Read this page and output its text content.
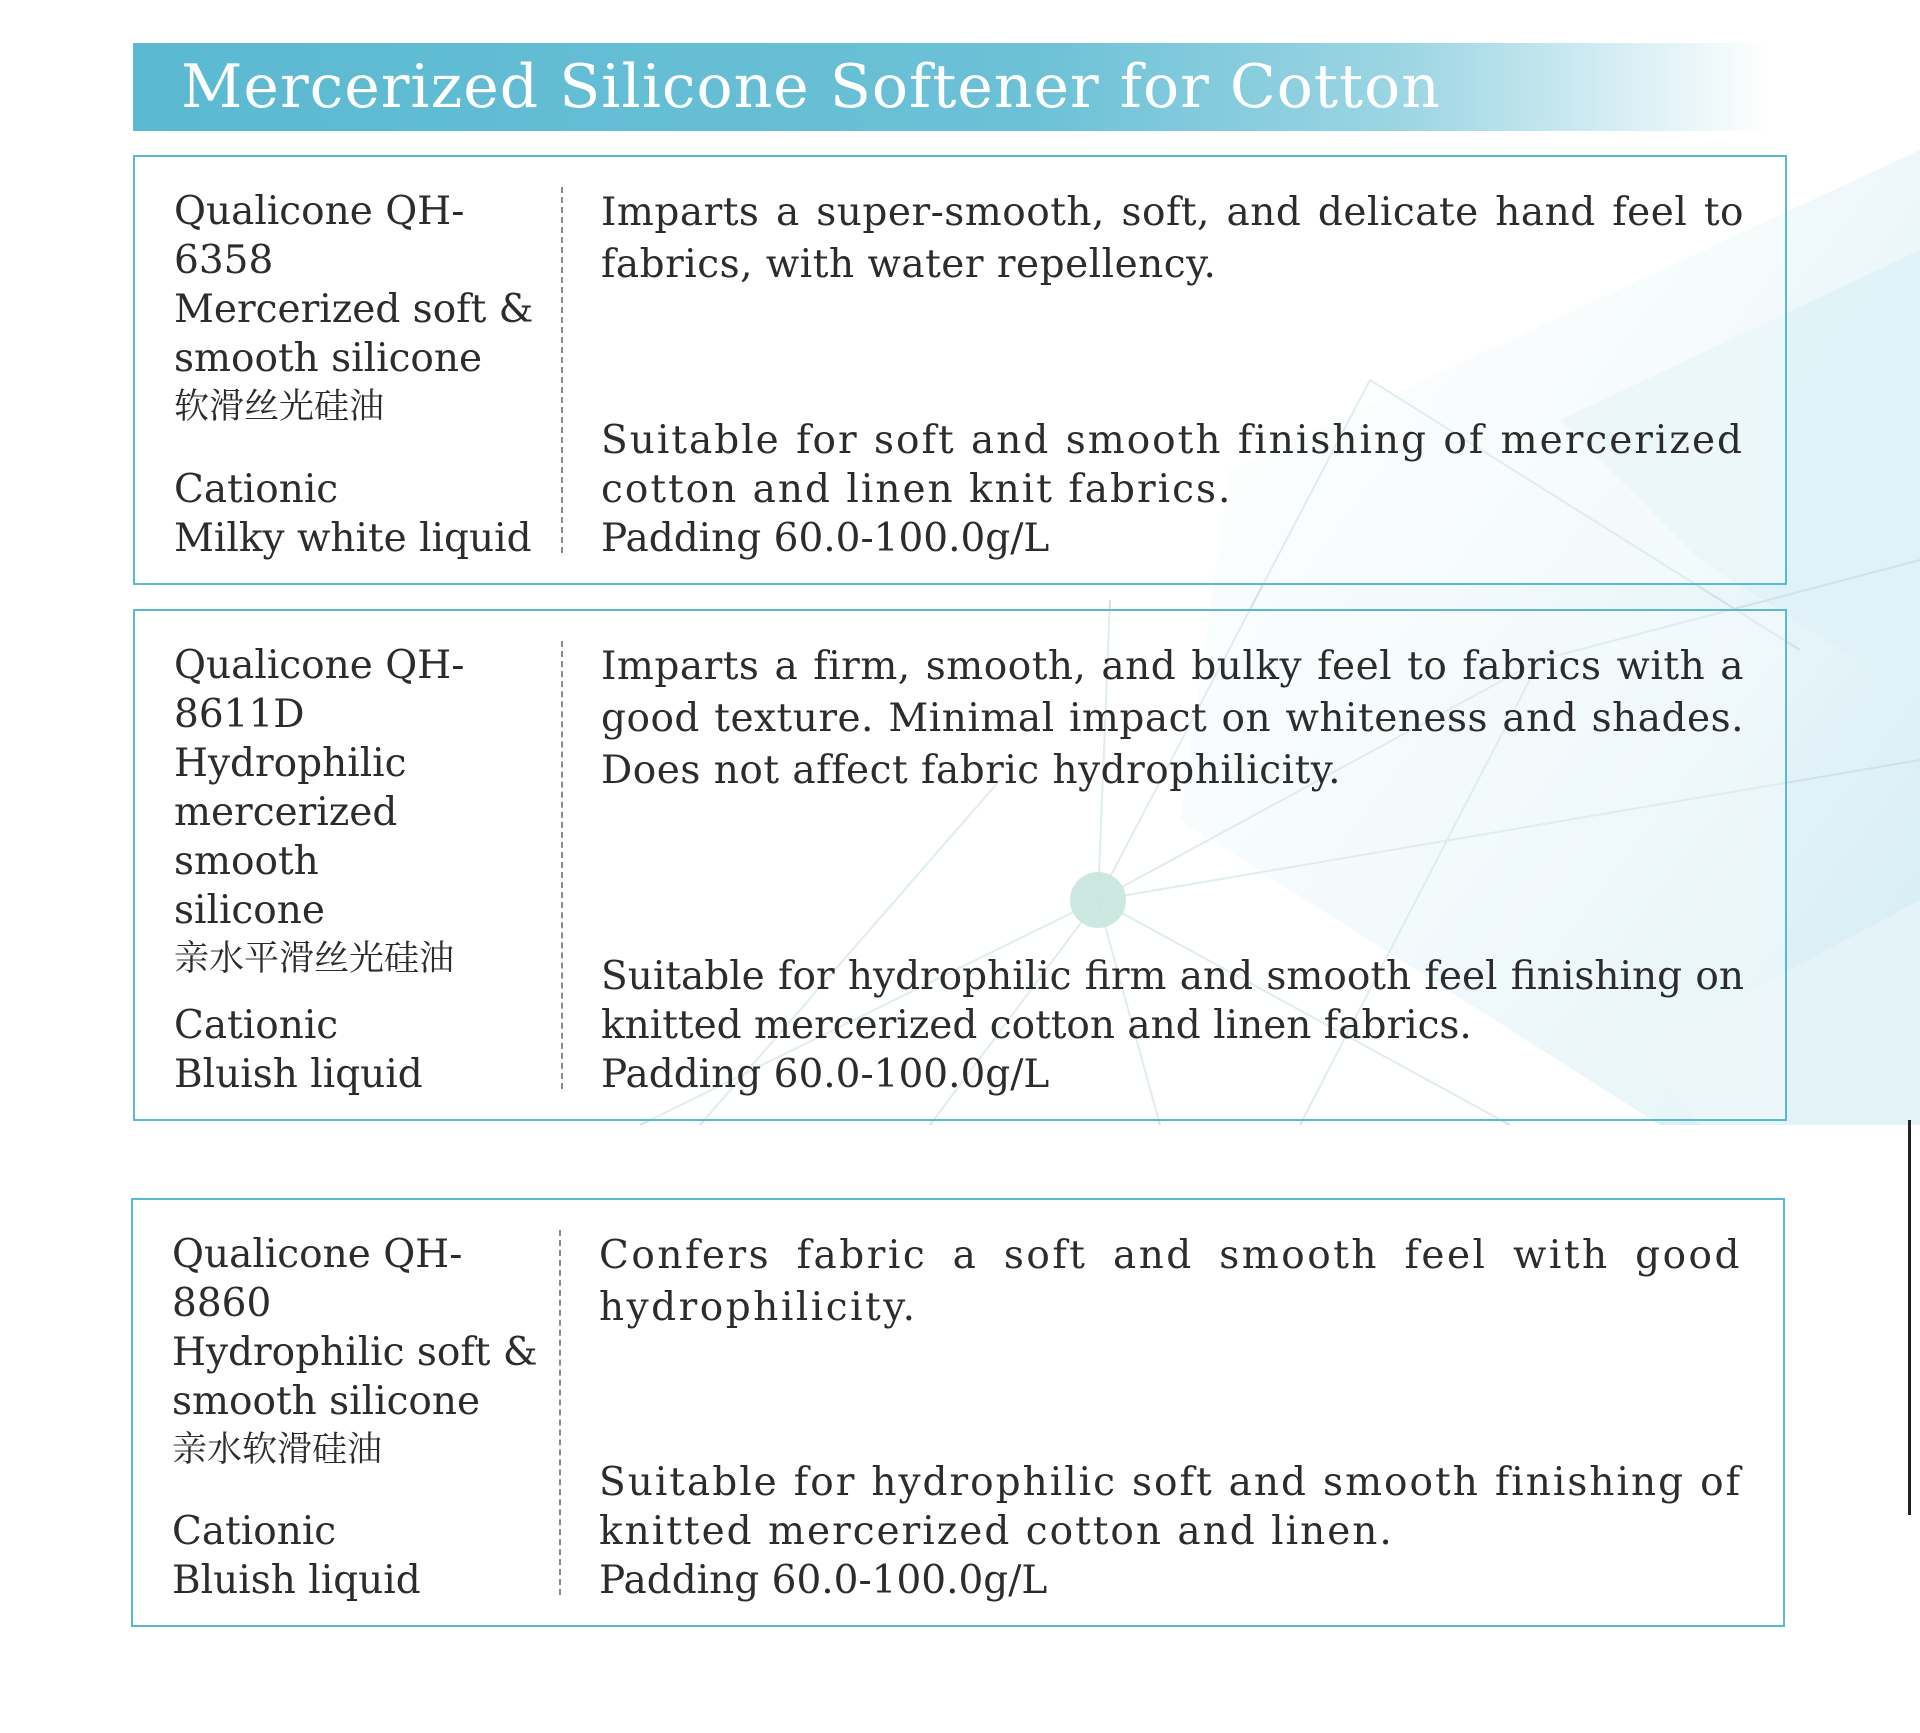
Mercerized Silicone Softener for Cotton
Qualicone QH-6358
Mercerized soft &
smooth silicone
软滑丝光硅油
Cationic
Milky white liquid

Imparts a super-smooth, soft, and delicate hand feel to fabrics, with water repellency.

Suitable for soft and smooth finishing of mercerized cotton and linen knit fabrics.
Padding 60.0-100.0g/L
Qualicone QH-
8611D
Hydrophilic
mercerized smooth
silicone
亲水平滑丝光硅油
Cationic
Bluish liquid

Imparts a firm, smooth, and bulky feel to fabrics with a good texture. Minimal impact on whiteness and shades. Does not affect fabric hydrophilicity.

Suitable for hydrophilic firm and smooth feel finishing on knitted mercerized cotton and linen fabrics.
Padding 60.0-100.0g/L
Qualicone QH-8860
Hydrophilic soft &
smooth silicone
亲水软滑硅油
Cationic
Bluish liquid

Confers fabric a soft and smooth feel with good hydrophilicity.

Suitable for hydrophilic soft and smooth finishing of knitted mercerized cotton and linen.
Padding 60.0-100.0g/L
